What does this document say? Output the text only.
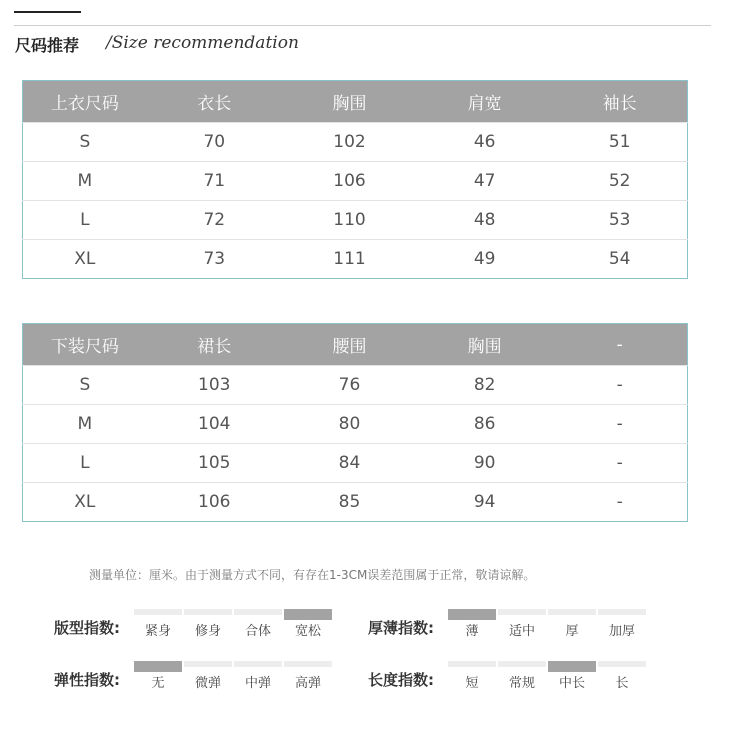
尺码推荐 /Size recommendation
上衣尺码	衣长	胸围	肩宽	袖长
S	70	102	46	51
M	71	106	47	52
L	72	110	48	53
XL	73	111	49	54
下装尺码	裙长	腰围	胸围	-
S	103	76	82	-
M	104	80	86	-
L	105	84	90	-
XL	106	85	94	-
测量单位：厘米。由于测量方式不同，有存在1-3CM误差范围属于正常，敬请谅解。
版型指数:	紧身	修身	合体	宽松	厚薄指数:	薄	适中	厚	加厚
弹性指数:	无	微弹	中弹	高弹	长度指数:	短	常规	中长	长
